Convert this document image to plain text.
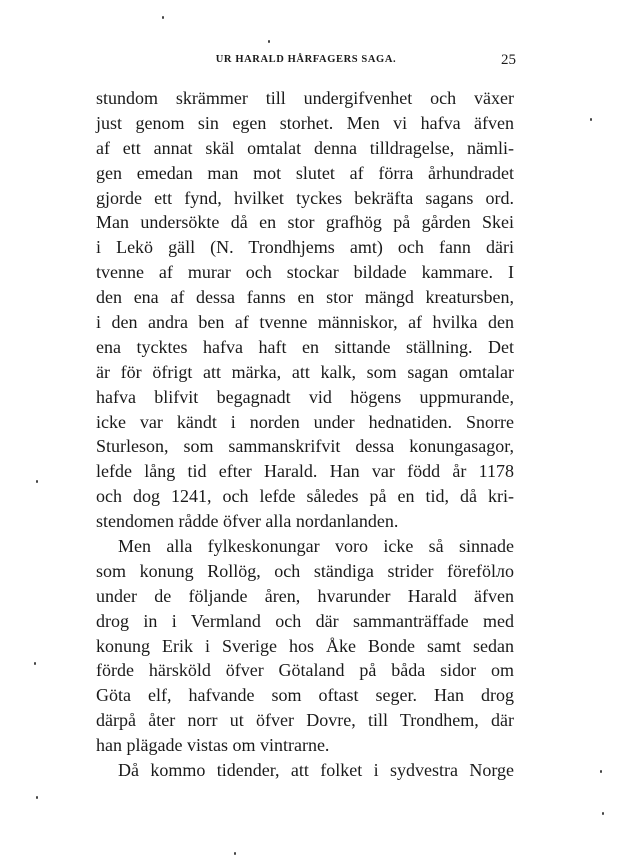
UR HARALD HÅRFAGERS SAGA.	25
stundom skrämmer till undergifvenhet och växer
just genom sin egen storhet. Men vi hafva äfven
af ett annat skäl omtalat denna tilldragelse, nämli-
gen emedan man mot slutet af förra århundradet
gjorde ett fynd, hvilket tyckes bekräfta sagans ord.
Man undersökte då en stor grafhög på gården Skei
i Lekö gäll (N. Trondhjems amt) och fann däri
tvenne af murar och stockar bildade kammare. I
den ena af dessa fanns en stor mängd kreatursben,
i den andra ben af tvenne människor, af hvilka den
ena tycktes hafva haft en sittande ställning. Det
är för öfrigt att märka, att kalk, som sagan omtalar
hafva blifvit begagnadt vid högens uppmurande,
icke var kändt i norden under hednatiden. Snorre
Sturleson, som sammanskrifvit dessa konungasagor,
lefde lång tid efter Harald. Han var född år 1178
och dog 1241, och lefde således på en tid, då kri-
stendomen rådde öfver alla nordanlanden.
Men alla fylkeskonungar voro icke så sinnade
som konung Rollög, och ständiga strider förefölло
under de följande åren, hvarunder Harald äfven
drog in i Vermland och där sammanträffade med
konung Erik i Sverige hos Åke Bonde samt sedan
förde härsköld öfver Götaland på båda sidor om
Göta elf, hafvande som oftast seger. Han drog
därpå åter norr ut öfver Dovre, till Trondhem, där
han plägade vistas om vintrarne.
Då kommo tidender, att folket i sydvestra Norge
